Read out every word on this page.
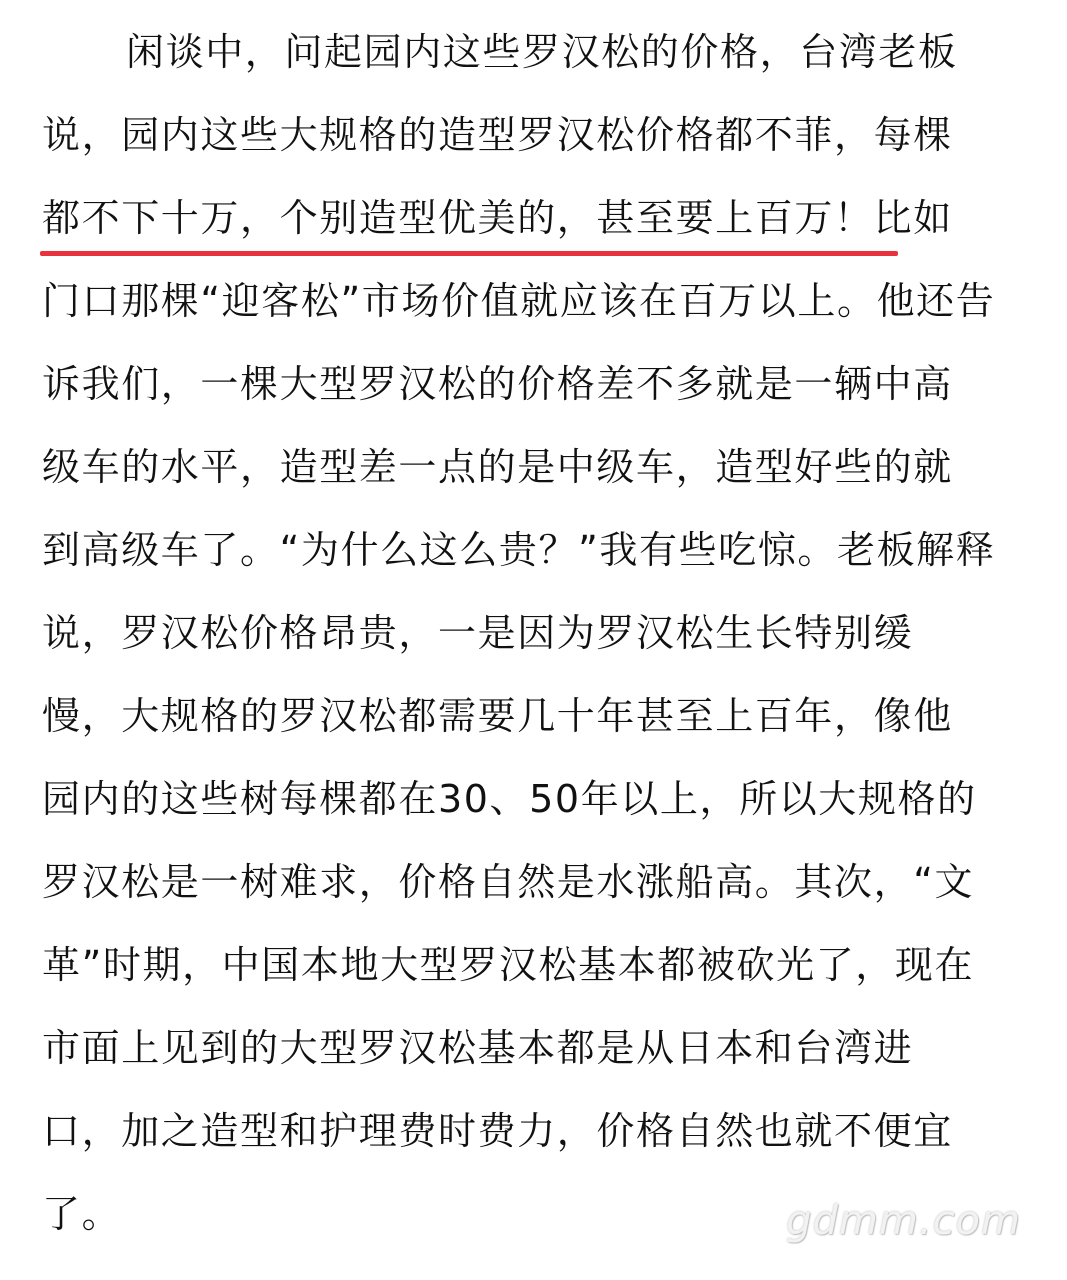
闲谈中，问起园内这些罗汉松的价格，台湾老板
说，园内这些大规格的造型罗汉松价格都不菲，每棵
都不下十万，个别造型优美的，甚至要上百万！比如
门口那棵“迎客松”市场价值就应该在百万以上。他还告
诉我们，一棵大型罗汉松的价格差不多就是一辆中高
级车的水平，造型差一点的是中级车，造型好些的就
到高级车了。“为什么这么贵？”我有些吃惊。老板解释
说，罗汉松价格昂贵，一是因为罗汉松生长特别缓
慢，大规格的罗汉松都需要几十年甚至上百年，像他
园内的这些树每棵都在30、50年以上，所以大规格的
罗汉松是一树难求，价格自然是水涨船高。其次，“文
革”时期，中国本地大型罗汉松基本都被砍光了，现在
市面上见到的大型罗汉松基本都是从日本和台湾进
口，加之造型和护理费时费力，价格自然也就不便宜
了。	gdmm.com
